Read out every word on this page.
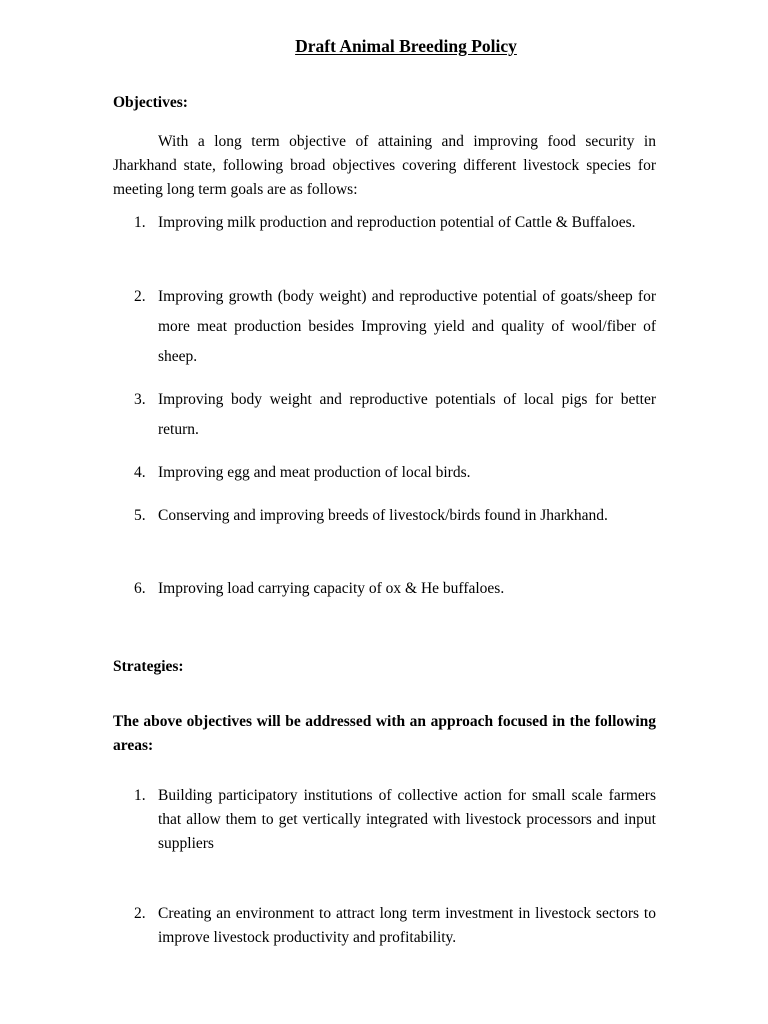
Draft Animal Breeding Policy
Objectives:
With a long term objective of attaining and improving food security in Jharkhand state, following broad objectives covering different livestock species for meeting long term goals are as follows:
1. Improving milk production and reproduction potential of Cattle & Buffaloes.
2. Improving growth (body weight) and reproductive potential of goats/sheep for more meat production besides Improving yield and quality of wool/fiber of sheep.
3. Improving body weight and reproductive potentials of local pigs for better return.
4. Improving egg and meat production of local birds.
5. Conserving and improving breeds of livestock/birds found in Jharkhand.
6. Improving load carrying capacity of ox & He buffaloes.
Strategies:
The above objectives will be addressed with an approach focused in the following areas:
1. Building participatory institutions of collective action for small scale farmers that allow them to get vertically integrated with livestock processors and input suppliers
2. Creating an environment to attract long term investment in livestock sectors to improve livestock productivity and profitability.
